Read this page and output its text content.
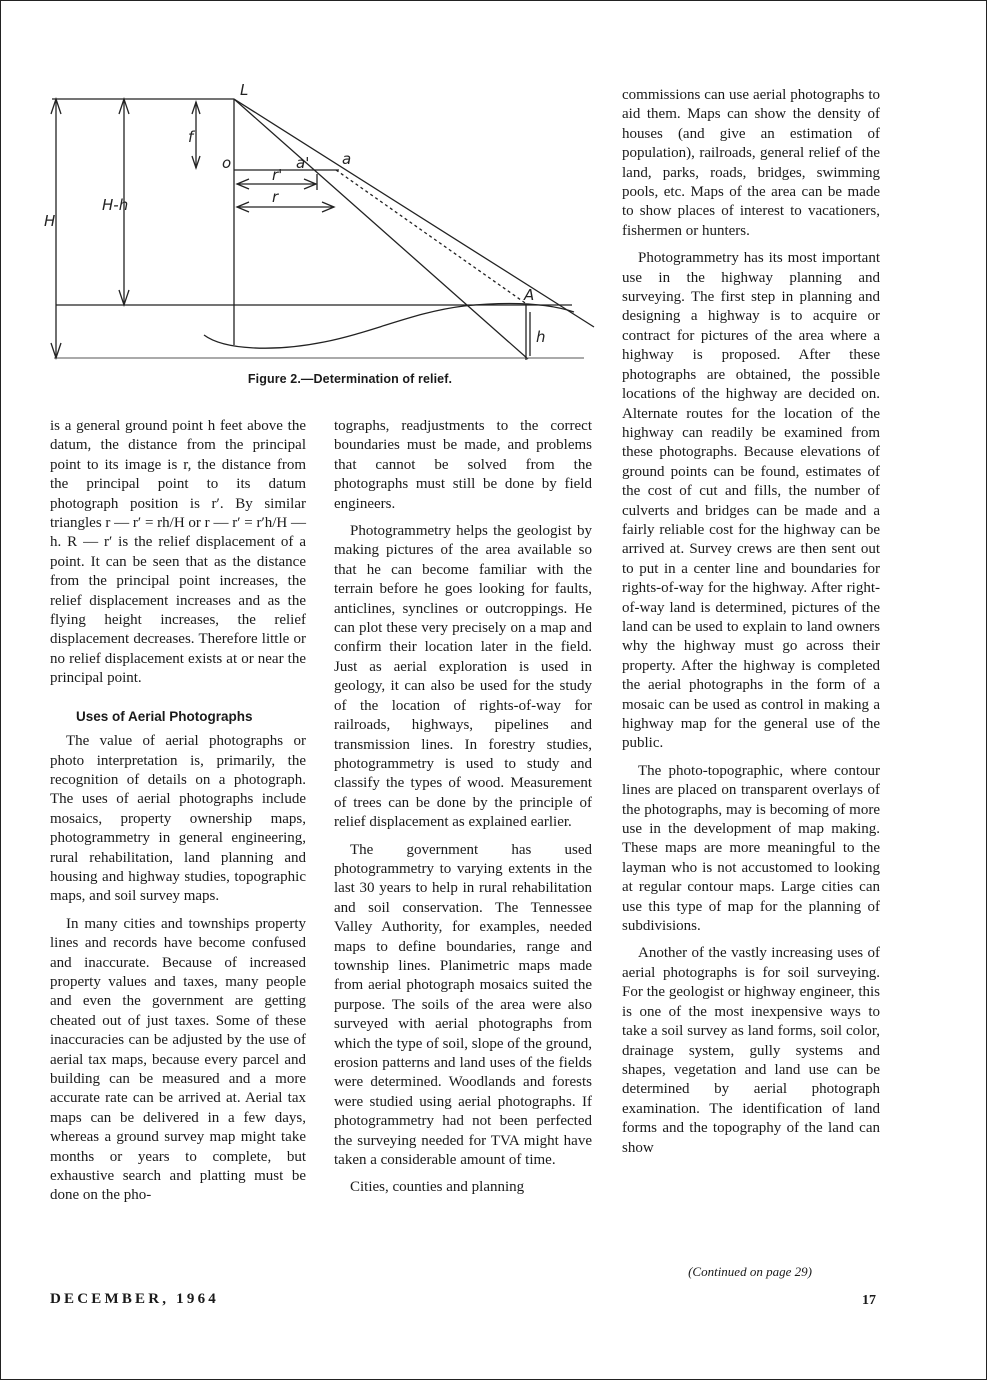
L
f
o	a' a
r'
r
H-h
H
A
h
Figure 2.—Determination of relief.

is a general ground point h feet above the datum, the distance from the principal point to its image is r, the distance from the principal point to its datum photograph position is r′. By similar triangles r — r′ = rh/H or r — r′ = r′h/H — h. R — r′ is the relief displacement of a point. It can be seen that as the distance from the principal point increases, the relief displacement increases and as the flying height increases, the relief displacement decreases. Therefore little or no relief displacement exists at or near the principal point.

Uses of Aerial Photographs

The value of aerial photographs or photo interpretation is, primarily, the recognition of details on a photograph. The uses of aerial photographs include mosaics, property ownership maps, photogrammetry in general engineering, rural rehabilitation, land planning and housing and highway studies, topographic maps, and soil survey maps.

In many cities and townships property lines and records have become confused and inaccurate. Because of increased property values and taxes, many people and even the government are getting cheated out of just taxes. Some of these inaccuracies can be adjusted by the use of aerial tax maps, because every parcel and building can be measured and a more accurate rate can be arrived at. Aerial tax maps can be delivered in a few days, whereas a ground survey map might take months or years to complete, but exhaustive search and platting must be done on the pho-

tographs, readjustments to the correct boundaries must be made, and problems that cannot be solved from the photographs must still be done by field engineers.

Photogrammetry helps the geologist by making pictures of the area available so that he can become familiar with the terrain before he goes looking for faults, anticlines, synclines or outcroppings. He can plot these very precisely on a map and confirm their location later in the field. Just as aerial exploration is used in geology, it can also be used for the study of the location of rights-of-way for railroads, highways, pipelines and transmission lines. In forestry studies, photogrammetry is used to study and classify the types of wood. Measurement of trees can be done by the principle of relief displacement as explained earlier.

The government has used photogrammetry to varying extents in the last 30 years to help in rural rehabilitation and soil conservation. The Tennessee Valley Authority, for examples, needed maps to define boundaries, range and township lines. Planimetric maps made from aerial photograph mosaics suited the purpose. The soils of the area were also surveyed with aerial photographs from which the type of soil, slope of the ground, erosion patterns and land uses of the fields were determined. Woodlands and forests were studied using aerial photographs. If photogrammetry had not been perfected the surveying needed for TVA might have taken a considerable amount of time.

Cities, counties and planning

commissions can use aerial photographs to aid them. Maps can show the density of houses (and give an estimation of population), railroads, general relief of the land, parks, roads, bridges, swimming pools, etc. Maps of the area can be made to show places of interest to vacationers, fishermen or hunters.

Photogrammetry has its most important use in the highway planning and surveying. The first step in planning and designing a highway is to acquire or contract for pictures of the area where a highway is proposed. After these photographs are obtained, the possible locations of the highway are decided on. Alternate routes for the location of the highway can readily be examined from these photographs. Because elevations of ground points can be found, estimates of the cost of cut and fills, the number of culverts and bridges can be made and a fairly reliable cost for the highway can be arrived at. Survey crews are then sent out to put in a center line and boundaries for rights-of-way for the highway. After right-of-way land is determined, pictures of the land can be used to explain to land owners why the highway must go across their property. After the highway is completed the aerial photographs in the form of a mosaic can be used as control in making a highway map for the general use of the public.

The photo-topographic, where contour lines are placed on transparent overlays of the photographs, may is becoming of more use in the development of map making. These maps are more meaningful to the layman who is not accustomed to looking at regular contour maps. Large cities can use this type of map for the planning of subdivisions.

Another of the vastly increasing uses of aerial photographs is for soil surveying. For the geologist or highway engineer, this is one of the most inexpensive ways to take a soil survey as land forms, soil color, drainage system, gully systems and shapes, vegetation and land use can be determined by aerial photograph examination. The identification of land forms and the topography of the land can show

(Continued on page 29)
DECEMBER, 1964	17
